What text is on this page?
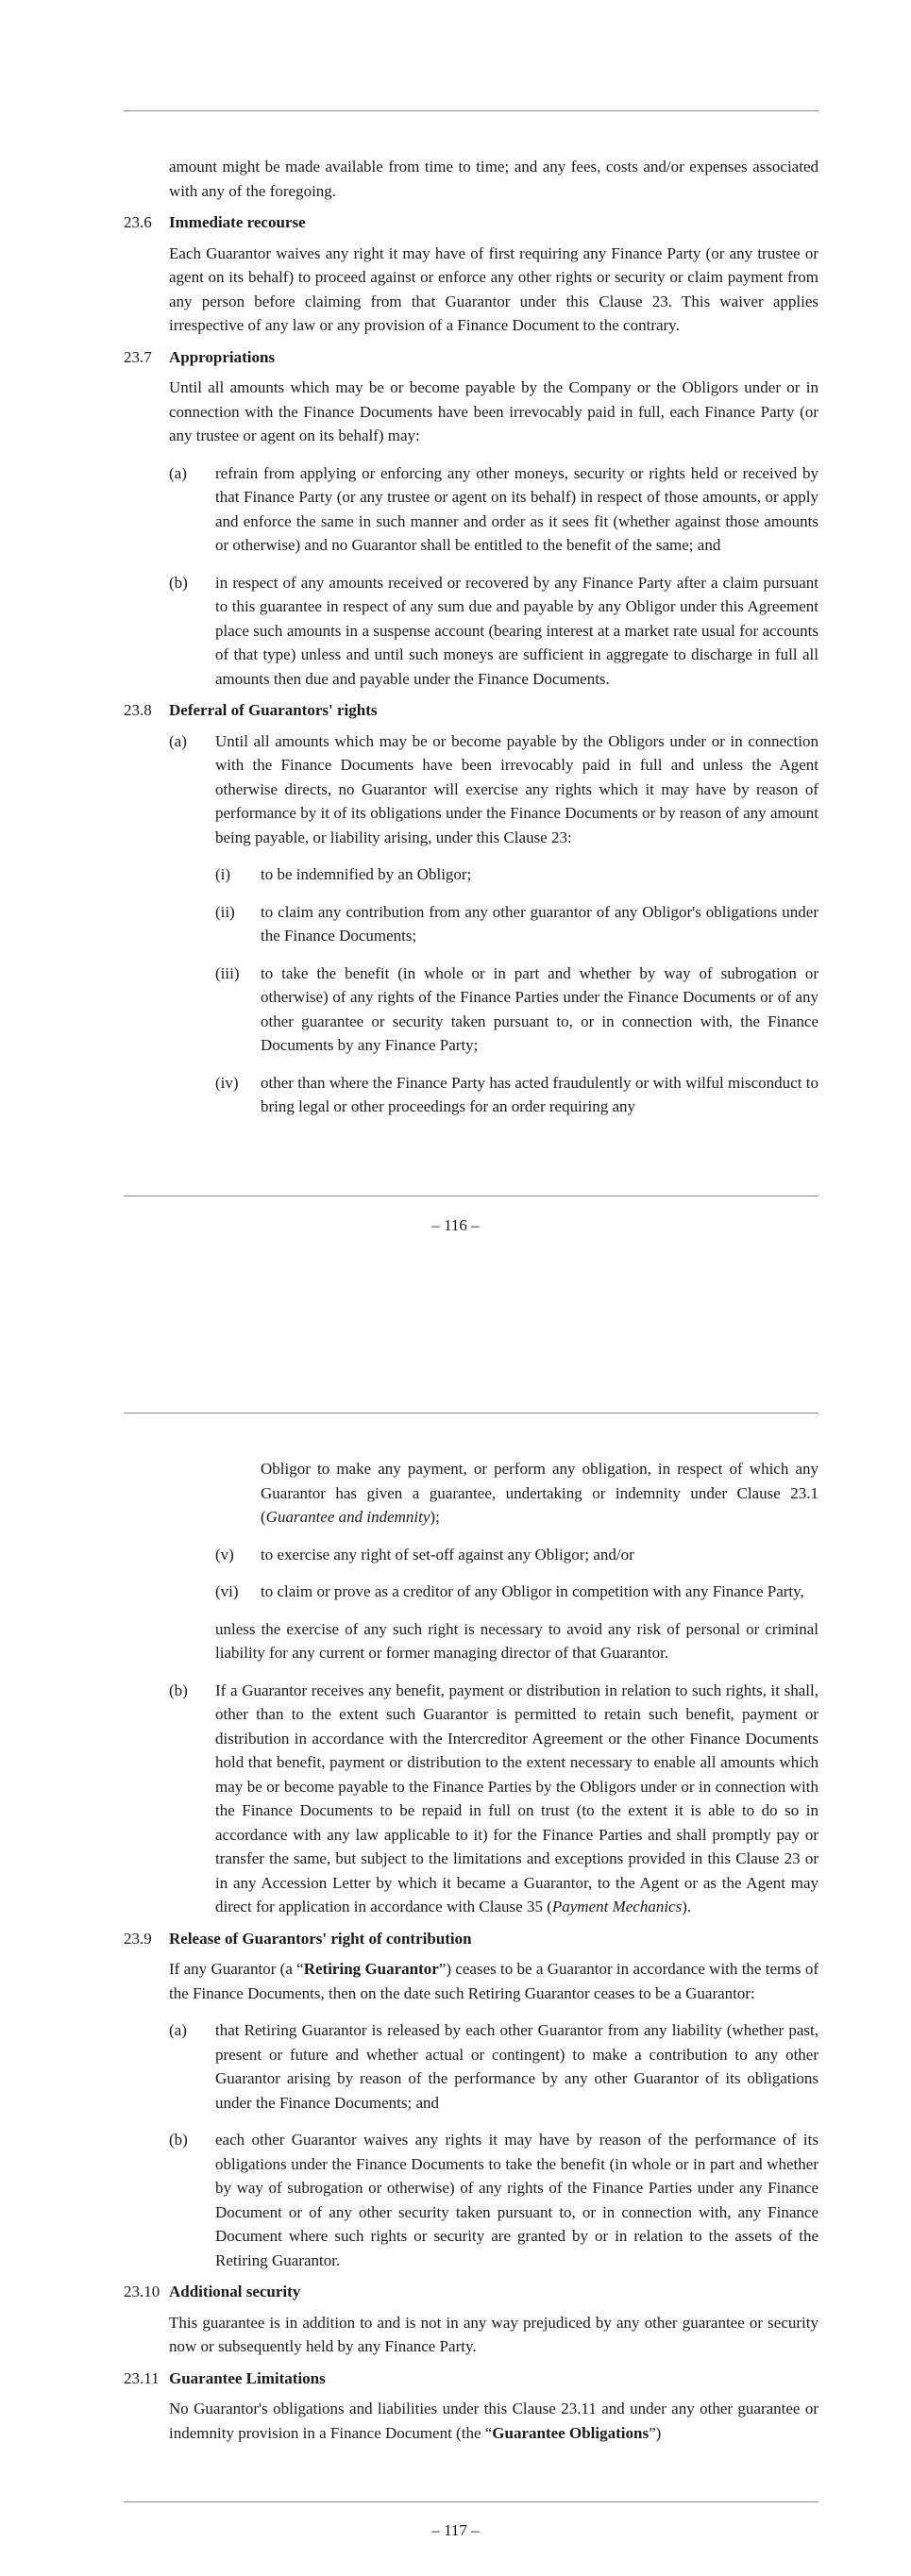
amount might be made available from time to time; and any fees, costs and/or expenses associated with any of the foregoing.

23.6	Immediate recourse

Each Guarantor waives any right it may have of first requiring any Finance Party (or any trustee or agent on its behalf) to proceed against or enforce any other rights or security or claim payment from any person before claiming from that Guarantor under this Clause 23. This waiver applies irrespective of any law or any provision of a Finance Document to the contrary.

23.7	Appropriations

Until all amounts which may be or become payable by the Company or the Obligors under or in connection with the Finance Documents have been irrevocably paid in full, each Finance Party (or any trustee or agent on its behalf) may:

(a)	refrain from applying or enforcing any other moneys, security or rights held or received by that Finance Party (or any trustee or agent on its behalf) in respect of those amounts, or apply and enforce the same in such manner and order as it sees fit (whether against those amounts or otherwise) and no Guarantor shall be entitled to the benefit of the same; and
(b)	in respect of any amounts received or recovered by any Finance Party after a claim pursuant to this guarantee in respect of any sum due and payable by any Obligor under this Agreement place such amounts in a suspense account (bearing interest at a market rate usual for accounts of that type) unless and until such moneys are sufficient in aggregate to discharge in full all amounts then due and payable under the Finance Documents.
23.8	Deferral of Guarantors' rights
(a)	Until all amounts which may be or become payable by the Obligors under or in connection with the Finance Documents have been irrevocably paid in full and unless the Agent otherwise directs, no Guarantor will exercise any rights which it may have by reason of performance by it of its obligations under the Finance Documents or by reason of any amount being payable, or liability arising, under this Clause 23:
(i)	to be indemnified by an Obligor;
(ii)	to claim any contribution from any other guarantor of any Obligor's obligations under the Finance Documents;
(iii)	to take the benefit (in whole or in part and whether by way of subrogation or otherwise) of any rights of the Finance Parties under the Finance Documents or of any other guarantee or security taken pursuant to, or in connection with, the Finance Documents by any Finance Party;
(iv)	other than where the Finance Party has acted fraudulently or with wilful misconduct to bring legal or other proceedings for an order requiring any
– 116 –

Obligor to make any payment, or perform any obligation, in respect of which any Guarantor has given a guarantee, undertaking or indemnity under Clause 23.1 (Guarantee and indemnity);

(v)	to exercise any right of set-off against any Obligor; and/or
(vi)	to claim or prove as a creditor of any Obligor in competition with any Finance Party,

unless the exercise of any such right is necessary to avoid any risk of personal or criminal liability for any current or former managing director of that Guarantor.

(b)	If a Guarantor receives any benefit, payment or distribution in relation to such rights, it shall, other than to the extent such Guarantor is permitted to retain such benefit, payment or distribution in accordance with the Intercreditor Agreement or the other Finance Documents hold that benefit, payment or distribution to the extent necessary to enable all amounts which may be or become payable to the Finance Parties by the Obligors under or in connection with the Finance Documents to be repaid in full on trust (to the extent it is able to do so in accordance with any law applicable to it) for the Finance Parties and shall promptly pay or transfer the same, but subject to the limitations and exceptions provided in this Clause 23 or in any Accession Letter by which it became a Guarantor, to the Agent or as the Agent may direct for application in accordance with Clause 35 (Payment Mechanics).
23.9	Release of Guarantors' right of contribution

If any Guarantor (a “Retiring Guarantor”) ceases to be a Guarantor in accordance with the terms of the Finance Documents, then on the date such Retiring Guarantor ceases to be a Guarantor:

(a)	that Retiring Guarantor is released by each other Guarantor from any liability (whether past, present or future and whether actual or contingent) to make a contribution to any other Guarantor arising by reason of the performance by any other Guarantor of its obligations under the Finance Documents; and
(b)	each other Guarantor waives any rights it may have by reason of the performance of its obligations under the Finance Documents to take the benefit (in whole or in part and whether by way of subrogation or otherwise) of any rights of the Finance Parties under any Finance Document or of any other security taken pursuant to, or in connection with, any Finance Document where such rights or security are granted by or in relation to the assets of the Retiring Guarantor.
23.10 Additional security

This guarantee is in addition to and is not in any way prejudiced by any other guarantee or security now or subsequently held by any Finance Party.

23.11 Guarantee Limitations

No Guarantor's obligations and liabilities under this Clause 23.11 and under any other guarantee or indemnity provision in a Finance Document (the “Guarantee Obligations”)

– 117 –
